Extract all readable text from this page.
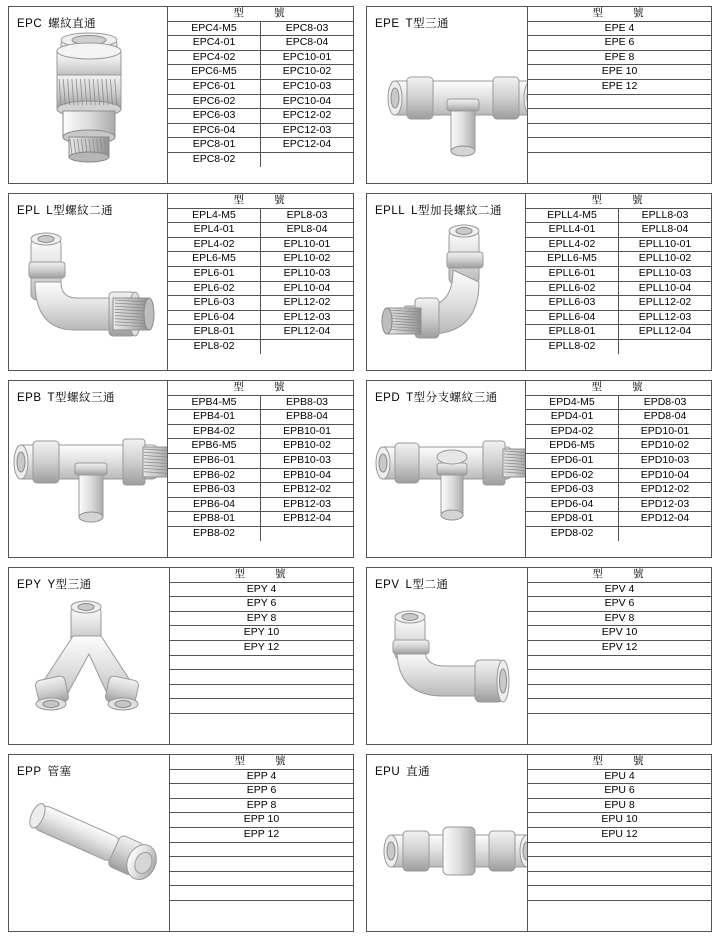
EPC 螺紋直通
型　　號	
EPC4-M5	EPC8-03
EPC4-01	EPC8-04
EPC4-02	EPC10-01
EPC6-M5	EPC10-02
EPC6-01	EPC10-03
EPC6-02	EPC10-04
EPC6-03	EPC12-02
EPC6-04	EPC12-03
EPC8-01	EPC12-04
EPC8-02	
EPE T型三通
型　　號
EPE 4
EPE 6
EPE 8
EPE 10
EPE 12

EPL L型螺紋二通
型　　號	
EPL4-M5	EPL8-03
EPL4-01	EPL8-04
EPL4-02	EPL10-01
EPL6-M5	EPL10-02
EPL6-01	EPL10-03
EPL6-02	EPL10-04
EPL6-03	EPL12-02
EPL6-04	EPL12-03
EPL8-01	EPL12-04
EPL8-02	
EPLL L型加長螺紋二通
型　　號	
EPLL4-M5	EPLL8-03
EPLL4-01	EPLL8-04
EPLL4-02	EPLL10-01
EPLL6-M5	EPLL10-02
EPLL6-01	EPLL10-03
EPLL6-02	EPLL10-04
EPLL6-03	EPLL12-02
EPLL6-04	EPLL12-03
EPLL8-01	EPLL12-04
EPLL8-02	
EPB T型螺紋三通
型　　號	
EPB4-M5	EPB8-03
EPB4-01	EPB8-04
EPB4-02	EPB10-01
EPB6-M5	EPB10-02
EPB6-01	EPB10-03
EPB6-02	EPB10-04
EPB6-03	EPB12-02
EPB6-04	EPB12-03
EPB8-01	EPB12-04
EPB8-02	
EPD T型分支螺紋三通
型　　號	
EPD4-M5	EPD8-03
EPD4-01	EPD8-04
EPD4-02	EPD10-01
EPD6-M5	EPD10-02
EPD6-01	EPD10-03
EPD6-02	EPD10-04
EPD6-03	EPD12-02
EPD6-04	EPD12-03
EPD8-01	EPD12-04
EPD8-02	
EPY Y型三通
型　　號
EPY 4
EPY 6
EPY 8
EPY 10
EPY 12

EPV L型二通
型　　號
EPV 4
EPV 6
EPV 8
EPV 10
EPV 12

EPP 管塞
型　　號
EPP 4
EPP 6
EPP 8
EPP 10
EPP 12

EPU 直通
型　　號
EPU 4
EPU 6
EPU 8
EPU 10
EPU 12
